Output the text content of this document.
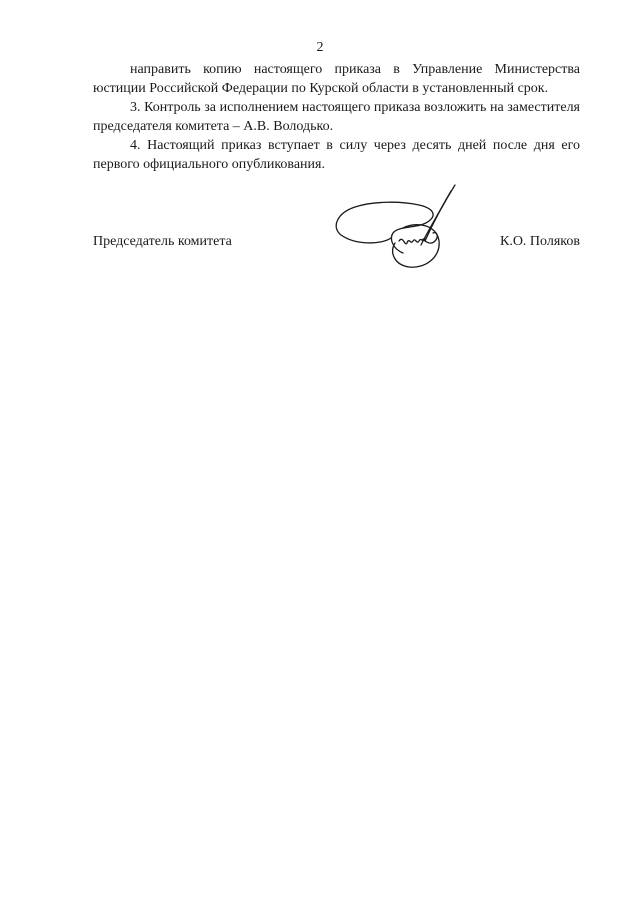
2

направить копию настоящего приказа в Управление Министерства юстиции Российской Федерации по Курской области в установленный срок.

3. Контроль за исполнением настоящего приказа возложить на заместителя председателя комитета – А.В. Володько.

4. Настоящий приказ вступает в силу через десять дней после дня его первого официального опубликования.

Председатель комитета	К.О. Поляков
